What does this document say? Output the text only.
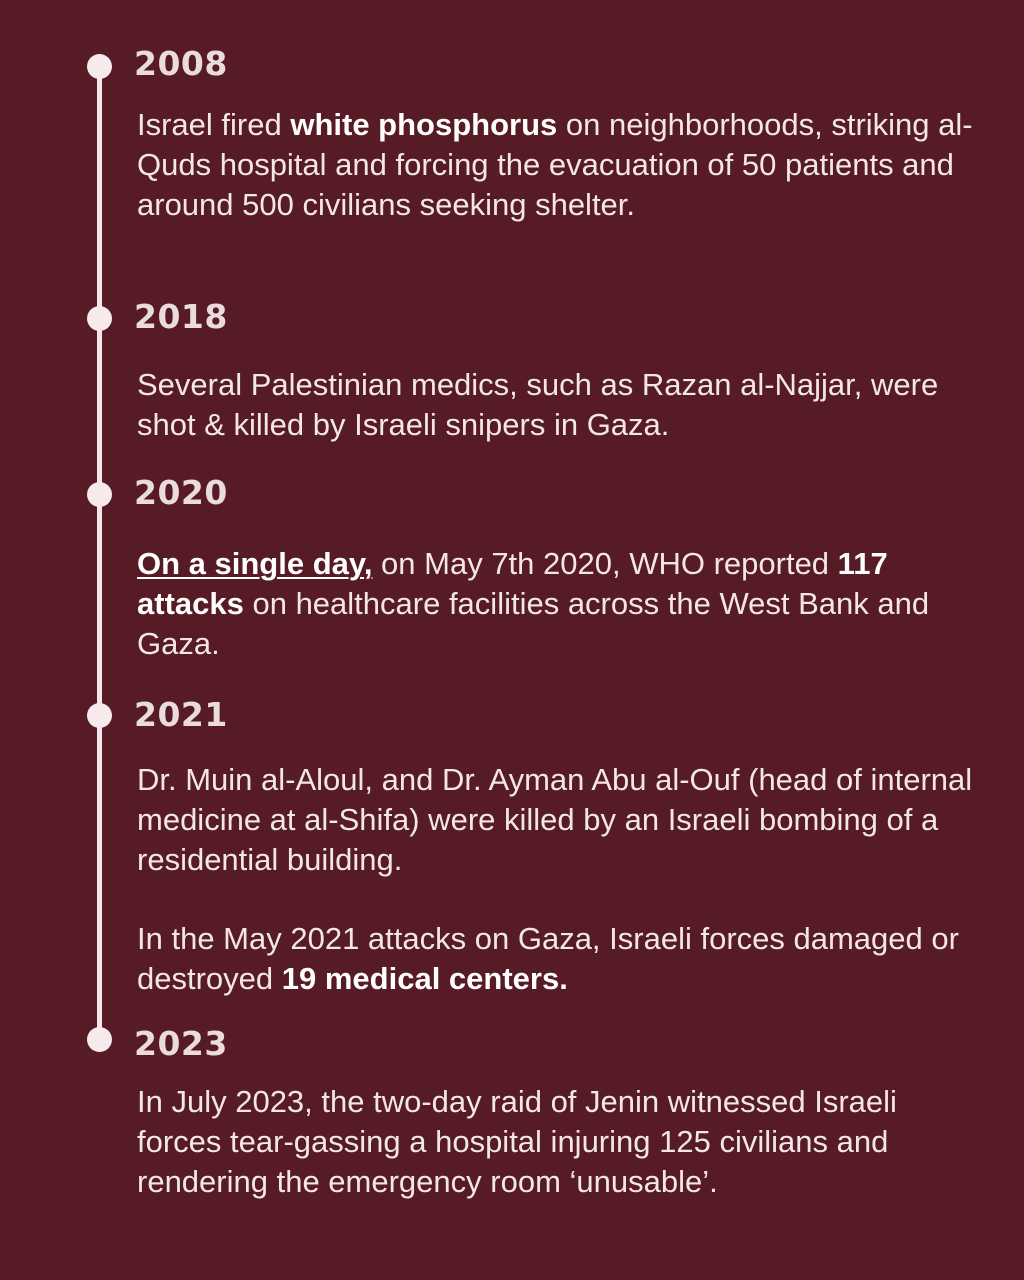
2008

Israel fired white phosphorus on neighborhoods, striking al-Quds hospital and forcing the evacuation of 50 patients and around 500 civilians seeking shelter.

2018

Several Palestinian medics, such as Razan al-Najjar, were shot & killed by Israeli snipers in Gaza.

2020

On a single day, on May 7th 2020, WHO reported 117 attacks on healthcare facilities across the West Bank and Gaza.

2021

Dr. Muin al-Aloul, and Dr. Ayman Abu al-Ouf (head of internal medicine at al-Shifa) were killed by an Israeli bombing of a residential building.

In the May 2021 attacks on Gaza, Israeli forces damaged or destroyed 19 medical centers.

2023

In July 2023, the two-day raid of Jenin witnessed Israeli forces tear-gassing a hospital injuring 125 civilians and rendering the emergency room ‘unusable’.
